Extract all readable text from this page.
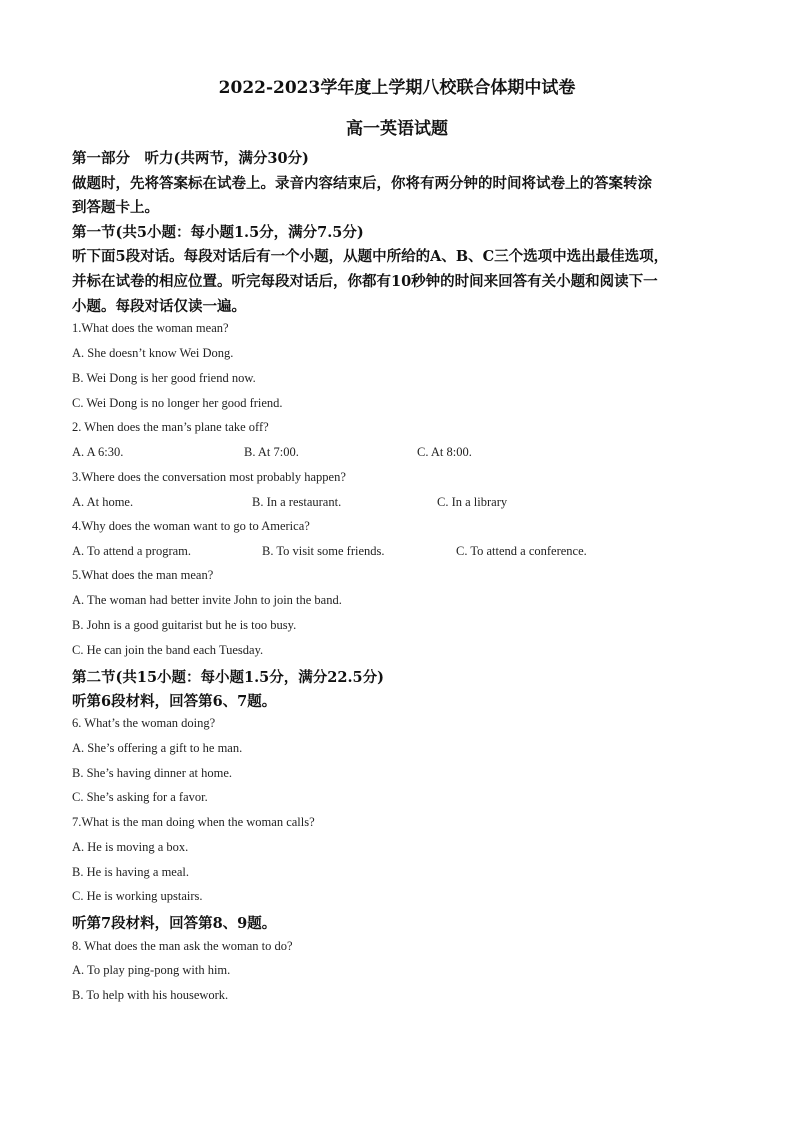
2022-2023学年度上学期八校联合体期中试卷
高一英语试题
第一部分　听力(共两节，满分30分)
做题时，先将答案标在试卷上。录音内容结束后，你将有两分钟的时间将试卷上的答案转涂
到答题卡上。
第一节(共5小题：每小题1.5分，满分7.5分)
听下面5段对话。每段对话后有一个小题，从题中所给的A、B、C三个选项中选出最佳选项，
并标在试卷的相应位置。听完每段对话后，你都有10秒钟的时间来回答有关小题和阅读下一
小题。每段对话仅读一遍。
1.What does the woman mean?
A. She doesn’t know Wei Dong.
B. Wei Dong is her good friend now.
C. Wei Dong is no longer her good friend.
2. When does the man’s plane take off?
A. A 6:30.	B. At 7:00.	C. At 8:00.
3.Where does the conversation most probably happen?
A. At home.	B. In a restaurant.	C. In a library
4.Why does the woman want to go to America?
A. To attend a program.	B. To visit some friends.	C. To attend a conference.
5.What does the man mean?
A. The woman had better invite John to join the band.
B. John is a good guitarist but he is too busy.
C. He can join the band each Tuesday.
第二节(共15小题：每小题1.5分，满分22.5分)
听第6段材料，回答第6、7题。
6. What’s the woman doing?
A. She’s offering a gift to he man.
B. She’s having dinner at home.
C. She’s asking for a favor.
7.What is the man doing when the woman calls?
A. He is moving a box.
B. He is having a meal.
C. He is working upstairs.
听第7段材料，回答第8、9题。
8. What does the man ask the woman to do?
A. To play ping-pong with him.
B. To help with his housework.
